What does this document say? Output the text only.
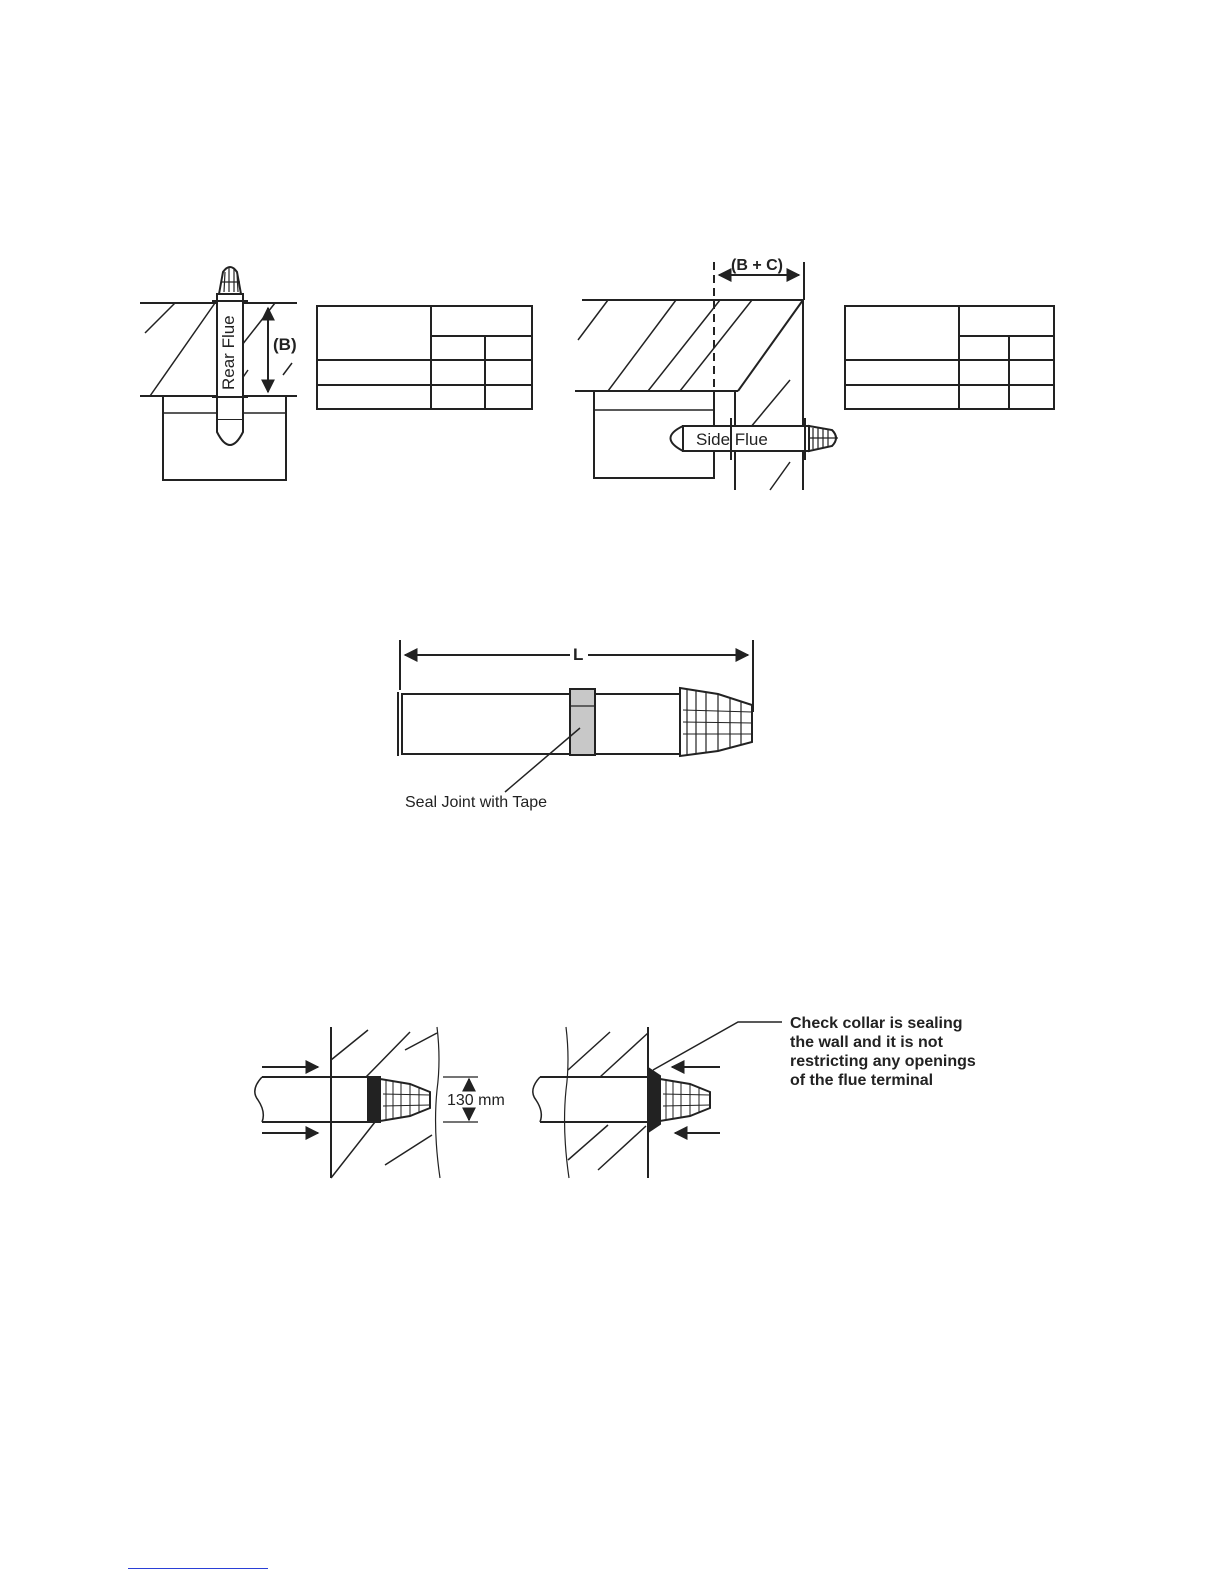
Rear Flue (B)
Side Flue
(B + C)
L
Seal Joint with Tape
130 mm
Check collar is sealing
the wall and it is not
restricting any openings
of the flue terminal
